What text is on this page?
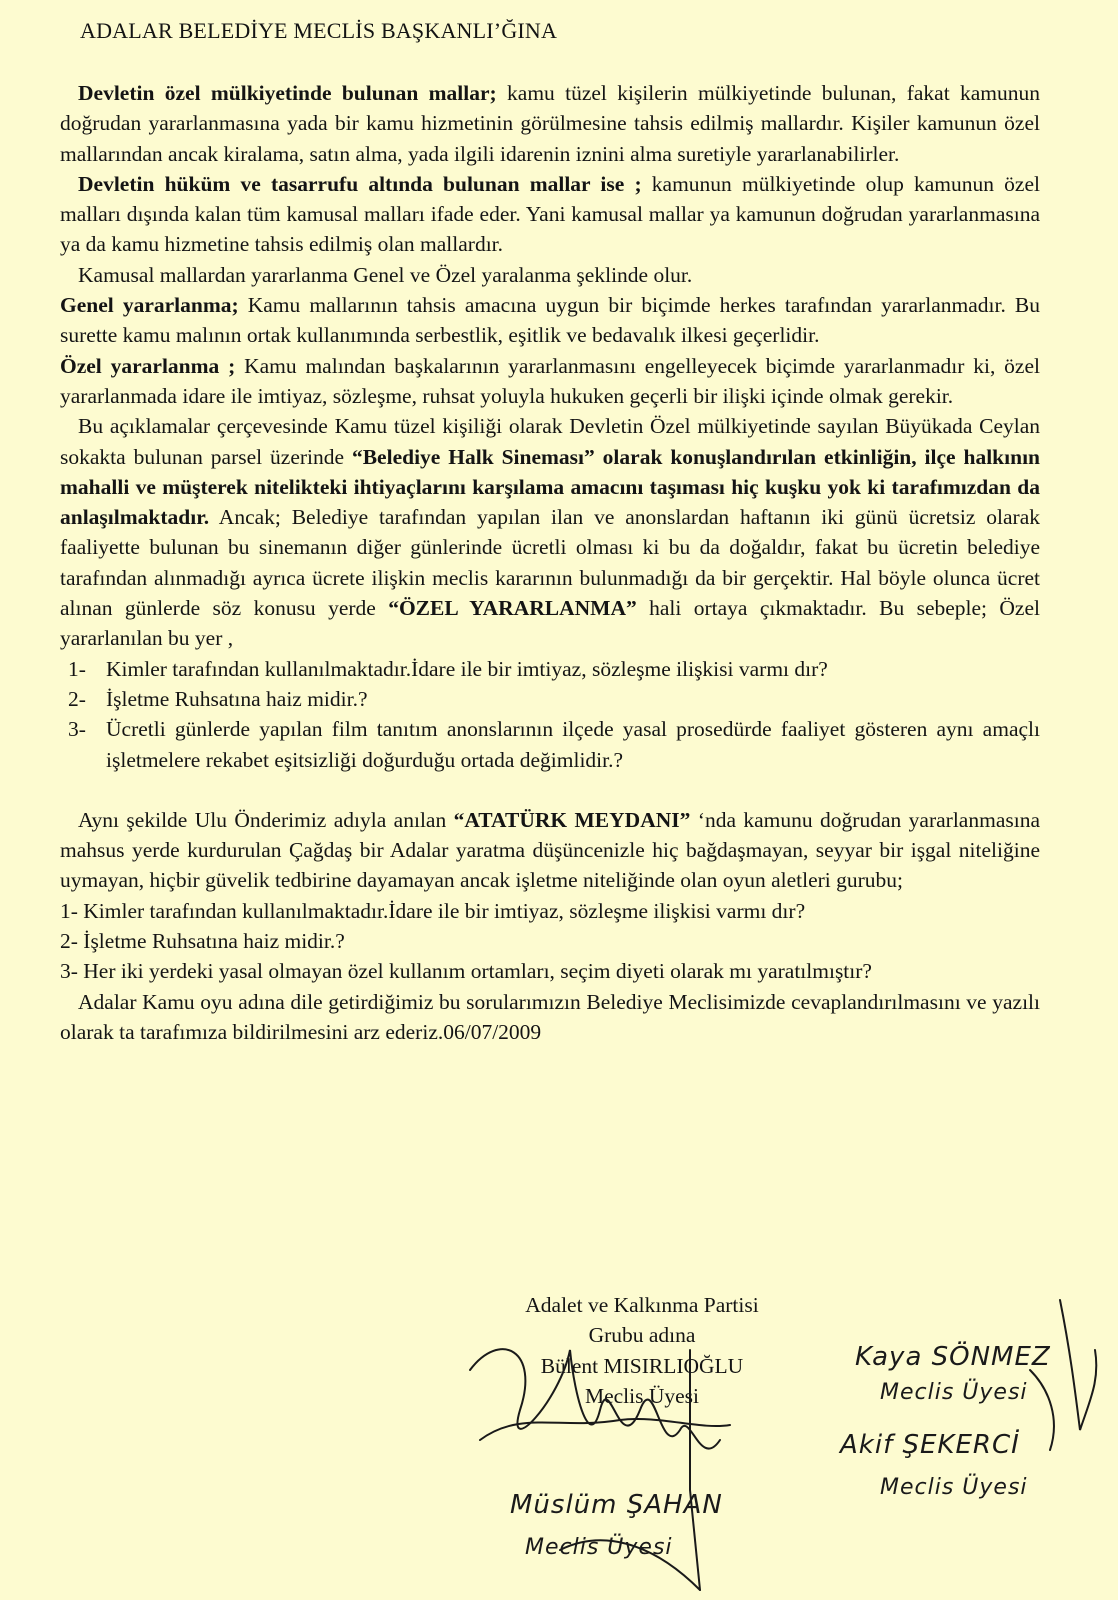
ADALAR BELEDİYE MECLİS BAŞKANLI’ĞINA

Devletin özel mülkiyetinde bulunan mallar; kamu tüzel kişilerin mülkiyetinde bulunan, fakat kamunun doğrudan yararlanmasına yada bir kamu hizmetinin görülmesine tahsis edilmiş mallardır. Kişiler kamunun özel mallarından ancak kiralama, satın alma, yada ilgili idarenin iznini alma suretiyle yararlanabilirler.

Devletin hüküm ve tasarrufu altında bulunan mallar ise ; kamunun mülkiyetinde olup kamunun özel malları dışında kalan tüm kamusal malları ifade eder. Yani kamusal mallar ya kamunun doğrudan yararlanmasına ya da kamu hizmetine tahsis edilmiş olan mallardır.

Kamusal mallardan yararlanma Genel ve Özel yaralanma şeklinde olur.

Genel yararlanma; Kamu mallarının tahsis amacına uygun bir biçimde herkes tarafından yararlanmadır. Bu surette kamu malının ortak kullanımında serbestlik, eşitlik ve bedavalık ilkesi geçerlidir.

Özel yararlanma ; Kamu malından başkalarının yararlanmasını engelleyecek biçimde yararlanmadır ki, özel yararlanmada idare ile imtiyaz, sözleşme, ruhsat yoluyla hukuken geçerli bir ilişki içinde olmak gerekir.

Bu açıklamalar çerçevesinde Kamu tüzel kişiliği olarak Devletin Özel mülkiyetinde sayılan Büyükada Ceylan sokakta bulunan parsel üzerinde “Belediye Halk Sineması” olarak konuşlandırılan etkinliğin, ilçe halkının mahalli ve müşterek nitelikteki ihtiyaçlarını karşılama amacını taşıması hiç kuşku yok ki tarafımızdan da anlaşılmaktadır. Ancak; Belediye tarafından yapılan ilan ve anonslardan haftanın iki günü ücretsiz olarak faaliyette bulunan bu sinemanın diğer günlerinde ücretli olması ki bu da doğaldır, fakat bu ücretin belediye tarafından alınmadığı ayrıca ücrete ilişkin meclis kararının bulunmadığı da bir gerçektir. Hal böyle olunca ücret alınan günlerde söz konusu yerde “ÖZEL YARARLANMA” hali ortaya çıkmaktadır. Bu sebeple; Özel yararlanılan bu yer ,

1- Kimler tarafından kullanılmaktadır.İdare ile bir imtiyaz, sözleşme ilişkisi varmı dır?
2- İşletme Ruhsatına haiz midir.?
3- Ücretli günlerde yapılan film tanıtım anonslarının ilçede yasal prosedürde faaliyet gösteren aynı amaçlı işletmelere rekabet eşitsizliği doğurduğu ortada değimlidir.?

Aynı şekilde Ulu Önderimiz adıyla anılan “ATATÜRK MEYDANI” ‘nda kamunu doğrudan yararlanmasına mahsus yerde kurdurulan Çağdaş bir Adalar yaratma düşüncenizle hiç bağdaşmayan, seyyar bir işgal niteliğine uymayan, hiçbir güvelik tedbirine dayamayan ancak işletme niteliğinde olan oyun aletleri gurubu;

1- Kimler tarafından kullanılmaktadır.İdare ile bir imtiyaz, sözleşme ilişkisi varmı dır?
2- İşletme Ruhsatına haiz midir.?
3- Her iki yerdeki yasal olmayan özel kullanım ortamları, seçim diyeti olarak mı yaratılmıştır?

Adalar Kamu oyu adına dile getirdiğimiz bu sorularımızın Belediye Meclisimizde cevaplandırılmasını ve yazılı olarak ta tarafımıza bildirilmesini arz ederiz.06/07/2009

Adalet ve Kalkınma Partisi
Grubu adına
Bülent MISIRLIOĞLU
Meclis Üyesi
Kaya SÖNMEZ
Meclis Üyesi
Akif ŞEKERCİ
Meclis Üyesi
Müslüm ŞAHAN
Meclis Üyesi
